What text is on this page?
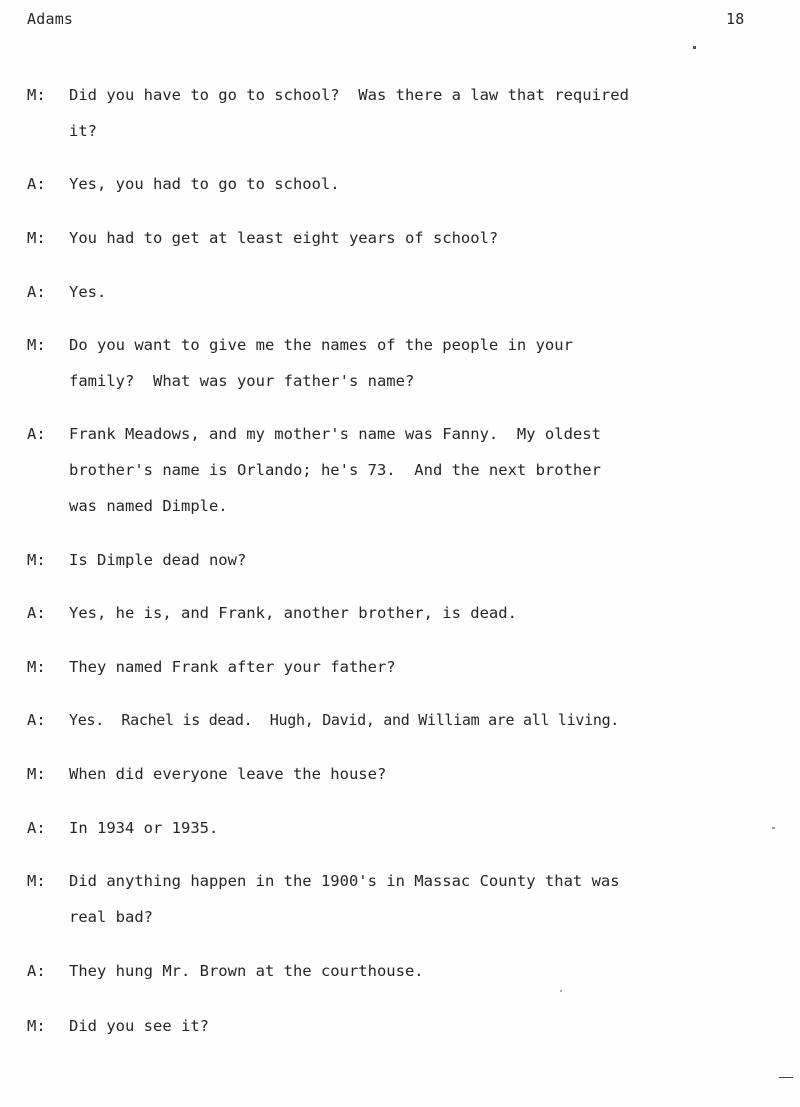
Adams	18
M: Did you have to go to school?  Was there a law that required
it?
A: Yes, you had to go to school.
M: You had to get at least eight years of school?
A: Yes.
M: Do you want to give me the names of the people in your
family?  What was your father's name?
A: Frank Meadows, and my mother's name was Fanny.  My oldest
brother's name is Orlando; he's 73.  And the next brother
was named Dimple.
M: Is Dimple dead now?
A: Yes, he is, and Frank, another brother, is dead.
M: They named Frank after your father?
A: Yes.  Rachel is dead.  Hugh, David, and William are all living.
M: When did everyone leave the house?
A: In 1934 or 1935.
M: Did anything happen in the 1900's in Massac County that was
real bad?
A: They hung Mr. Brown at the courthouse.
M: Did you see it?
